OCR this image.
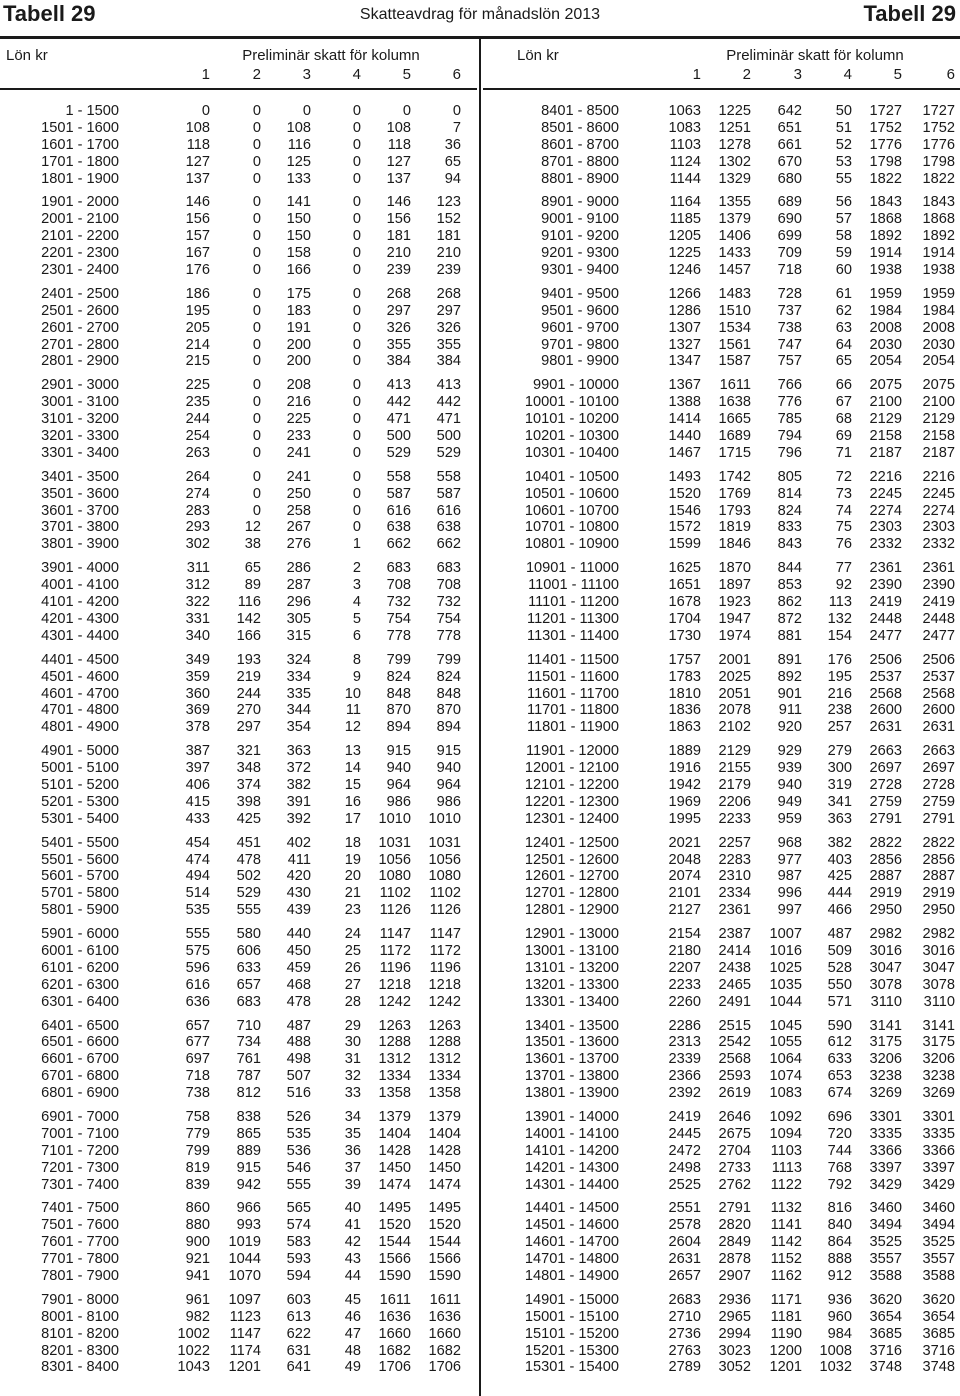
Tabell 29	Skatteavdrag för månadslön 2013	Tabell 29
Lön kr	Preliminär skatt för kolumn
1	2	3	4	5	6
1 - 1500	0	0	0	0	0	0
1501 - 1600	108	0	108	0	108	7
1601 - 1700	118	0	116	0	118	36
1701 - 1800	127	0	125	0	127	65
1801 - 1900	137	0	133	0	137	94
1901 - 2000	146	0	141	0	146	123
2001 - 2100	156	0	150	0	156	152
2101 - 2200	157	0	150	0	181	181
2201 - 2300	167	0	158	0	210	210
2301 - 2400	176	0	166	0	239	239
2401 - 2500	186	0	175	0	268	268
2501 - 2600	195	0	183	0	297	297
2601 - 2700	205	0	191	0	326	326
2701 - 2800	214	0	200	0	355	355
2801 - 2900	215	0	200	0	384	384
2901 - 3000	225	0	208	0	413	413
3001 - 3100	235	0	216	0	442	442
3101 - 3200	244	0	225	0	471	471
3201 - 3300	254	0	233	0	500	500
3301 - 3400	263	0	241	0	529	529
3401 - 3500	264	0	241	0	558	558
3501 - 3600	274	0	250	0	587	587
3601 - 3700	283	0	258	0	616	616
3701 - 3800	293	12	267	0	638	638
3801 - 3900	302	38	276	1	662	662
3901 - 4000	311	65	286	2	683	683
4001 - 4100	312	89	287	3	708	708
4101 - 4200	322	116	296	4	732	732
4201 - 4300	331	142	305	5	754	754
4301 - 4400	340	166	315	6	778	778
4401 - 4500	349	193	324	8	799	799
4501 - 4600	359	219	334	9	824	824
4601 - 4700	360	244	335	10	848	848
4701 - 4800	369	270	344	11	870	870
4801 - 4900	378	297	354	12	894	894
4901 - 5000	387	321	363	13	915	915
5001 - 5100	397	348	372	14	940	940
5101 - 5200	406	374	382	15	964	964
5201 - 5300	415	398	391	16	986	986
5301 - 5400	433	425	392	17	1010	1010
5401 - 5500	454	451	402	18	1031	1031
5501 - 5600	474	478	411	19	1056	1056
5601 - 5700	494	502	420	20	1080	1080
5701 - 5800	514	529	430	21	1102	1102
5801 - 5900	535	555	439	23	1126	1126
5901 - 6000	555	580	440	24	1147	1147
6001 - 6100	575	606	450	25	1172	1172
6101 - 6200	596	633	459	26	1196	1196
6201 - 6300	616	657	468	27	1218	1218
6301 - 6400	636	683	478	28	1242	1242
6401 - 6500	657	710	487	29	1263	1263
6501 - 6600	677	734	488	30	1288	1288
6601 - 6700	697	761	498	31	1312	1312
6701 - 6800	718	787	507	32	1334	1334
6801 - 6900	738	812	516	33	1358	1358
6901 - 7000	758	838	526	34	1379	1379
7001 - 7100	779	865	535	35	1404	1404
7101 - 7200	799	889	536	36	1428	1428
7201 - 7300	819	915	546	37	1450	1450
7301 - 7400	839	942	555	39	1474	1474
7401 - 7500	860	966	565	40	1495	1495
7501 - 7600	880	993	574	41	1520	1520
7601 - 7700	900	1019	583	42	1544	1544
7701 - 7800	921	1044	593	43	1566	1566
7801 - 7900	941	1070	594	44	1590	1590
7901 - 8000	961	1097	603	45	1611	1611
8001 - 8100	982	1123	613	46	1636	1636
8101 - 8200	1002	1147	622	47	1660	1660
8201 - 8300	1022	1174	631	48	1682	1682
8301 - 8400	1043	1201	641	49	1706	1706
Lön kr	Preliminär skatt för kolumn
1	2	3	4	5	6
8401 - 8500	1063	1225	642	50	1727	1727
8501 - 8600	1083	1251	651	51	1752	1752
8601 - 8700	1103	1278	661	52	1776	1776
8701 - 8800	1124	1302	670	53	1798	1798
8801 - 8900	1144	1329	680	55	1822	1822
8901 - 9000	1164	1355	689	56	1843	1843
9001 - 9100	1185	1379	690	57	1868	1868
9101 - 9200	1205	1406	699	58	1892	1892
9201 - 9300	1225	1433	709	59	1914	1914
9301 - 9400	1246	1457	718	60	1938	1938
9401 - 9500	1266	1483	728	61	1959	1959
9501 - 9600	1286	1510	737	62	1984	1984
9601 - 9700	1307	1534	738	63	2008	2008
9701 - 9800	1327	1561	747	64	2030	2030
9801 - 9900	1347	1587	757	65	2054	2054
9901 - 10000	1367	1611	766	66	2075	2075
10001 - 10100	1388	1638	776	67	2100	2100
10101 - 10200	1414	1665	785	68	2129	2129
10201 - 10300	1440	1689	794	69	2158	2158
10301 - 10400	1467	1715	796	71	2187	2187
10401 - 10500	1493	1742	805	72	2216	2216
10501 - 10600	1520	1769	814	73	2245	2245
10601 - 10700	1546	1793	824	74	2274	2274
10701 - 10800	1572	1819	833	75	2303	2303
10801 - 10900	1599	1846	843	76	2332	2332
10901 - 11000	1625	1870	844	77	2361	2361
11001 - 11100	1651	1897	853	92	2390	2390
11101 - 11200	1678	1923	862	113	2419	2419
11201 - 11300	1704	1947	872	132	2448	2448
11301 - 11400	1730	1974	881	154	2477	2477
11401 - 11500	1757	2001	891	176	2506	2506
11501 - 11600	1783	2025	892	195	2537	2537
11601 - 11700	1810	2051	901	216	2568	2568
11701 - 11800	1836	2078	911	238	2600	2600
11801 - 11900	1863	2102	920	257	2631	2631
11901 - 12000	1889	2129	929	279	2663	2663
12001 - 12100	1916	2155	939	300	2697	2697
12101 - 12200	1942	2179	940	319	2728	2728
12201 - 12300	1969	2206	949	341	2759	2759
12301 - 12400	1995	2233	959	363	2791	2791
12401 - 12500	2021	2257	968	382	2822	2822
12501 - 12600	2048	2283	977	403	2856	2856
12601 - 12700	2074	2310	987	425	2887	2887
12701 - 12800	2101	2334	996	444	2919	2919
12801 - 12900	2127	2361	997	466	2950	2950
12901 - 13000	2154	2387	1007	487	2982	2982
13001 - 13100	2180	2414	1016	509	3016	3016
13101 - 13200	2207	2438	1025	528	3047	3047
13201 - 13300	2233	2465	1035	550	3078	3078
13301 - 13400	2260	2491	1044	571	3110	3110
13401 - 13500	2286	2515	1045	590	3141	3141
13501 - 13600	2313	2542	1055	612	3175	3175
13601 - 13700	2339	2568	1064	633	3206	3206
13701 - 13800	2366	2593	1074	653	3238	3238
13801 - 13900	2392	2619	1083	674	3269	3269
13901 - 14000	2419	2646	1092	696	3301	3301
14001 - 14100	2445	2675	1094	720	3335	3335
14101 - 14200	2472	2704	1103	744	3366	3366
14201 - 14300	2498	2733	1113	768	3397	3397
14301 - 14400	2525	2762	1122	792	3429	3429
14401 - 14500	2551	2791	1132	816	3460	3460
14501 - 14600	2578	2820	1141	840	3494	3494
14601 - 14700	2604	2849	1142	864	3525	3525
14701 - 14800	2631	2878	1152	888	3557	3557
14801 - 14900	2657	2907	1162	912	3588	3588
14901 - 15000	2683	2936	1171	936	3620	3620
15001 - 15100	2710	2965	1181	960	3654	3654
15101 - 15200	2736	2994	1190	984	3685	3685
15201 - 15300	2763	3023	1200	1008	3716	3716
15301 - 15400	2789	3052	1201	1032	3748	3748
